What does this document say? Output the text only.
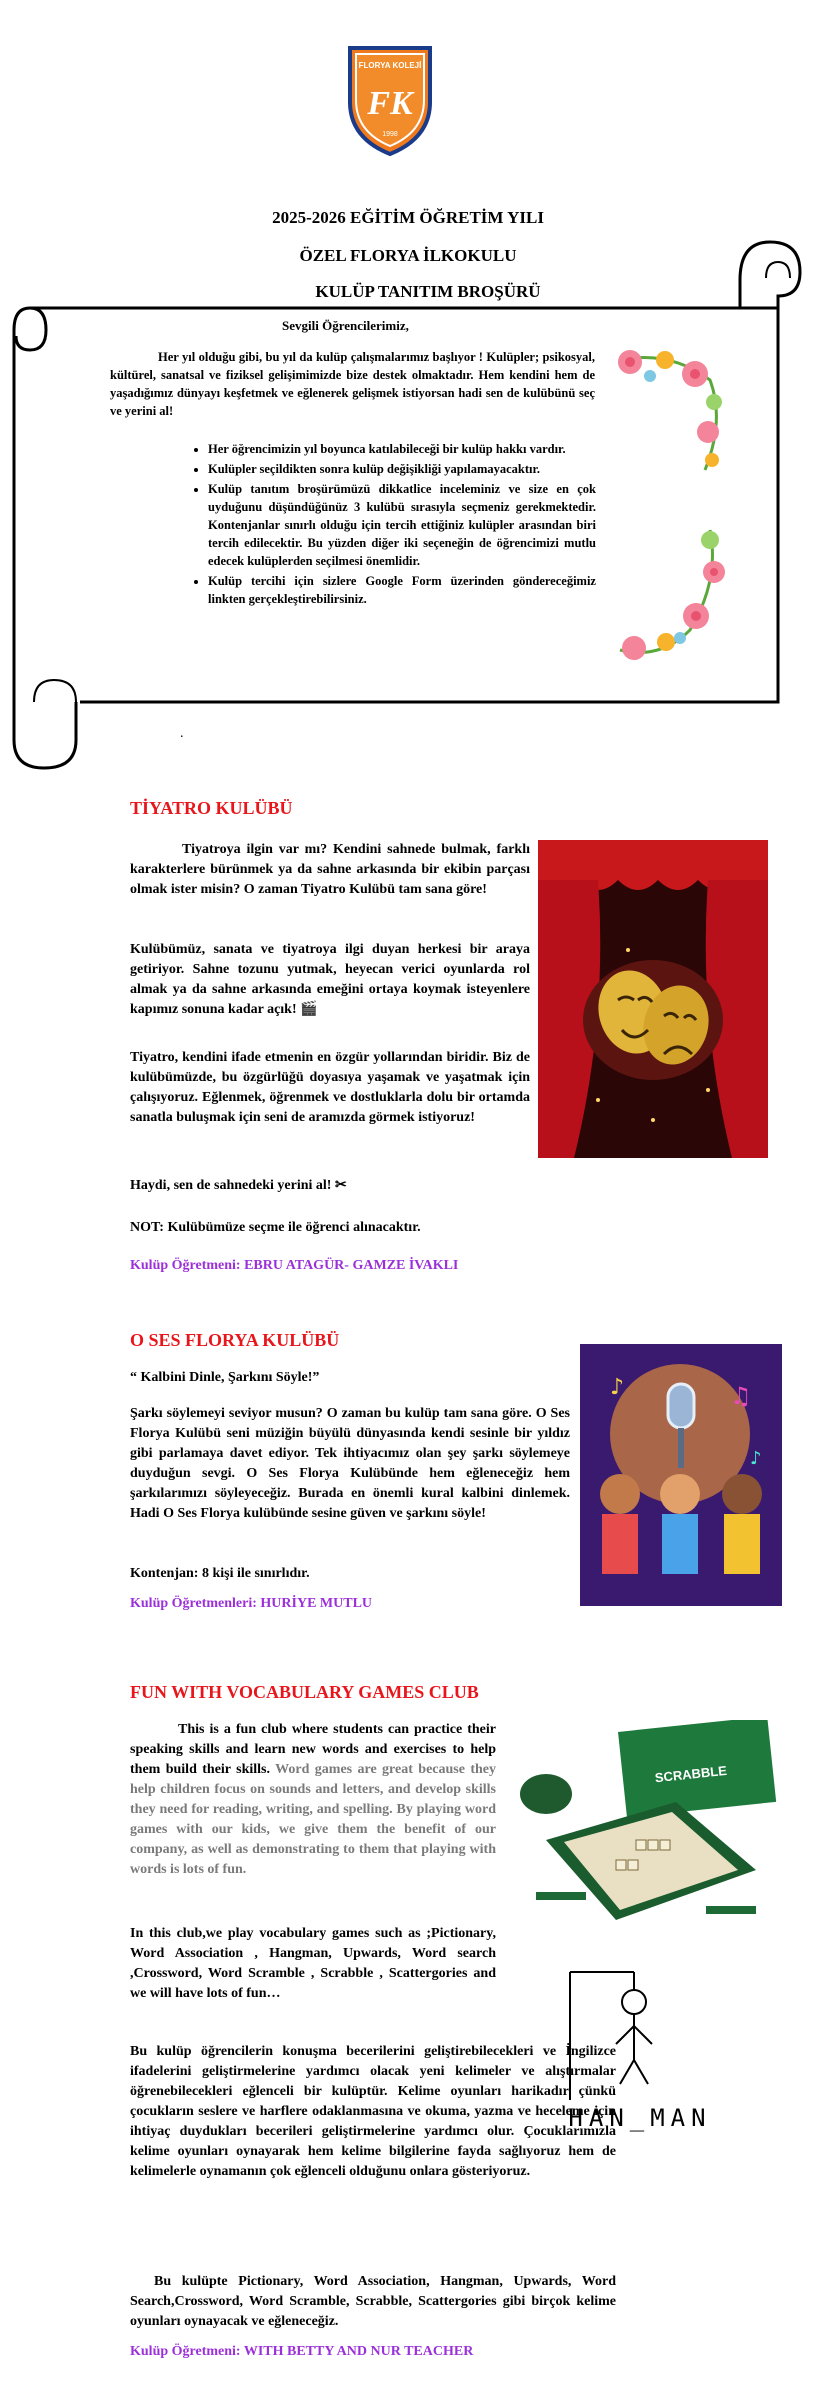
FLORYA KOLEJİ
FK
1998
2025-2026 EĞİTİM ÖĞRETİM YILI
ÖZEL FLORYA İLKOKULU
KULÜP TANITIM BROŞÜRÜ
Sevgili Öğrencilerimiz,
Her yıl olduğu gibi, bu yıl da kulüp çalışmalarımız başlıyor ! Kulüpler; psikosyal, kültürel, sanatsal ve fiziksel gelişimimizde bize destek olmaktadır. Hem kendini hem de yaşadığımız dünyayı keşfetmek ve eğlenerek gelişmek istiyorsan hadi sen de kulübünü seç ve yerini al!
• Her öğrencimizin yıl boyunca katılabileceği bir kulüp hakkı vardır.
• Kulüpler seçildikten sonra kulüp değişikliği yapılamayacaktır.
• Kulüp tanıtım broşürümüzü dikkatlice inceleminiz ve size en çok uyduğunu düşündüğünüz 3 kulübü sırasıyla seçmeniz gerekmektedir. Kontenjanlar sınırlı olduğu için tercih ettiğiniz kulüpler arasından biri tercih edilecektir. Bu yüzden diğer iki seçeneğin de öğrencimizi mutlu edecek kulüplerden seçilmesi önemlidir.
• Kulüp tercihi için sizlere Google Form üzerinden göndereceğimiz linkten gerçekleştirebilirsiniz.
.
TİYATRO KULÜBÜ
Tiyatroya ilgin var mı? Kendini sahnede bulmak, farklı karakterlere bürünmek ya da sahne arkasında bir ekibin parçası olmak ister misin? O zaman Tiyatro Kulübü tam sana göre!
Kulübümüz, sanata ve tiyatroya ilgi duyan herkesi bir araya getiriyor. Sahne tozunu yutmak, heyecan verici oyunlarda rol almak ya da sahne arkasında emeğini ortaya koymak isteyenlere kapımız sonuna kadar açık! 🎬
Tiyatro, kendini ifade etmenin en özgür yollarından biridir. Biz de kulübümüzde, bu özgürlüğü doyasıya yaşamak ve yaşatmak için çalışıyoruz. Eğlenmek, öğrenmek ve dostluklarla dolu bir ortamda sanatla buluşmak için seni de aramızda görmek istiyoruz!
Haydi, sen de sahnedeki yerini al! ✂
NOT: Kulübümüze seçme ile öğrenci alınacaktır.
Kulüp Öğretmeni: EBRU ATAGÜR- GAMZE İVAKLI
O SES FLORYA KULÜBÜ
“ Kalbini Dinle, Şarkını Söyle!”
Şarkı söylemeyi seviyor musun? O zaman bu kulüp tam sana göre. O Ses Florya Kulübü seni müziğin büyülü dünyasında kendi sesinle bir yıldız gibi parlamaya davet ediyor. Tek ihtiyacımız olan şey şarkı söylemeye duyduğun sevgi. O Ses Florya Kulübünde hem eğleneceğiz hem şarkılarımızı söyleyeceğiz. Burada en önemli kural kalbini dinlemek. Hadi O Ses Florya kulübünde sesine güven ve şarkını söyle!
Kontenjan: 8 kişi ile sınırlıdır.
Kulüp Öğretmenleri: HURİYE MUTLU
♪	♫
♪
FUN WITH VOCABULARY GAMES CLUB
This is a fun club where students can practice their speaking skills and learn new words and exercises to help them build their skills. Word games are great because they help children focus on sounds and letters, and develop skills they need for reading, writing, and spelling. By playing word games with our kids, we give them the benefit of our company, as well as demonstrating to them that playing with words is lots of fun.
In this club,we play vocabulary games such as ;Pictionary, Word Association , Hangman, Upwards, Word search ,Crossword, Word Scramble , Scrabble , Scattergories and we will have lots of fun…
Bu kulüp öğrencilerin konuşma becerilerini geliştirebilecekleri ve İngilizce ifadelerini geliştirmelerine yardımcı olacak yeni kelimeler ve alıştırmalar öğrenebilecekleri eğlenceli bir kulüptür. Kelime oyunları harikadır çünkü çocukların seslere ve harflere odaklanmasına ve okuma, yazma ve heceleme için ihtiyaç duydukları becerileri geliştirmelerine yardımcı olur. Çocuklarımızla kelime oyunları oynayarak hem kelime bilgilerine fayda sağlıyoruz hem de kelimelerle oynamanın çok eğlenceli olduğunu onlara gösteriyoruz.
Bu kulüpte Pictionary, Word Association, Hangman, Upwards, Word Search,Crossword, Word Scramble, Scrabble, Scattergories gibi birçok kelime oyunları oynayacak ve eğleneceğiz.
Kulüp Öğretmeni: WITH BETTY AND NUR TEACHER
SCRABBLE
HAN_MAN
